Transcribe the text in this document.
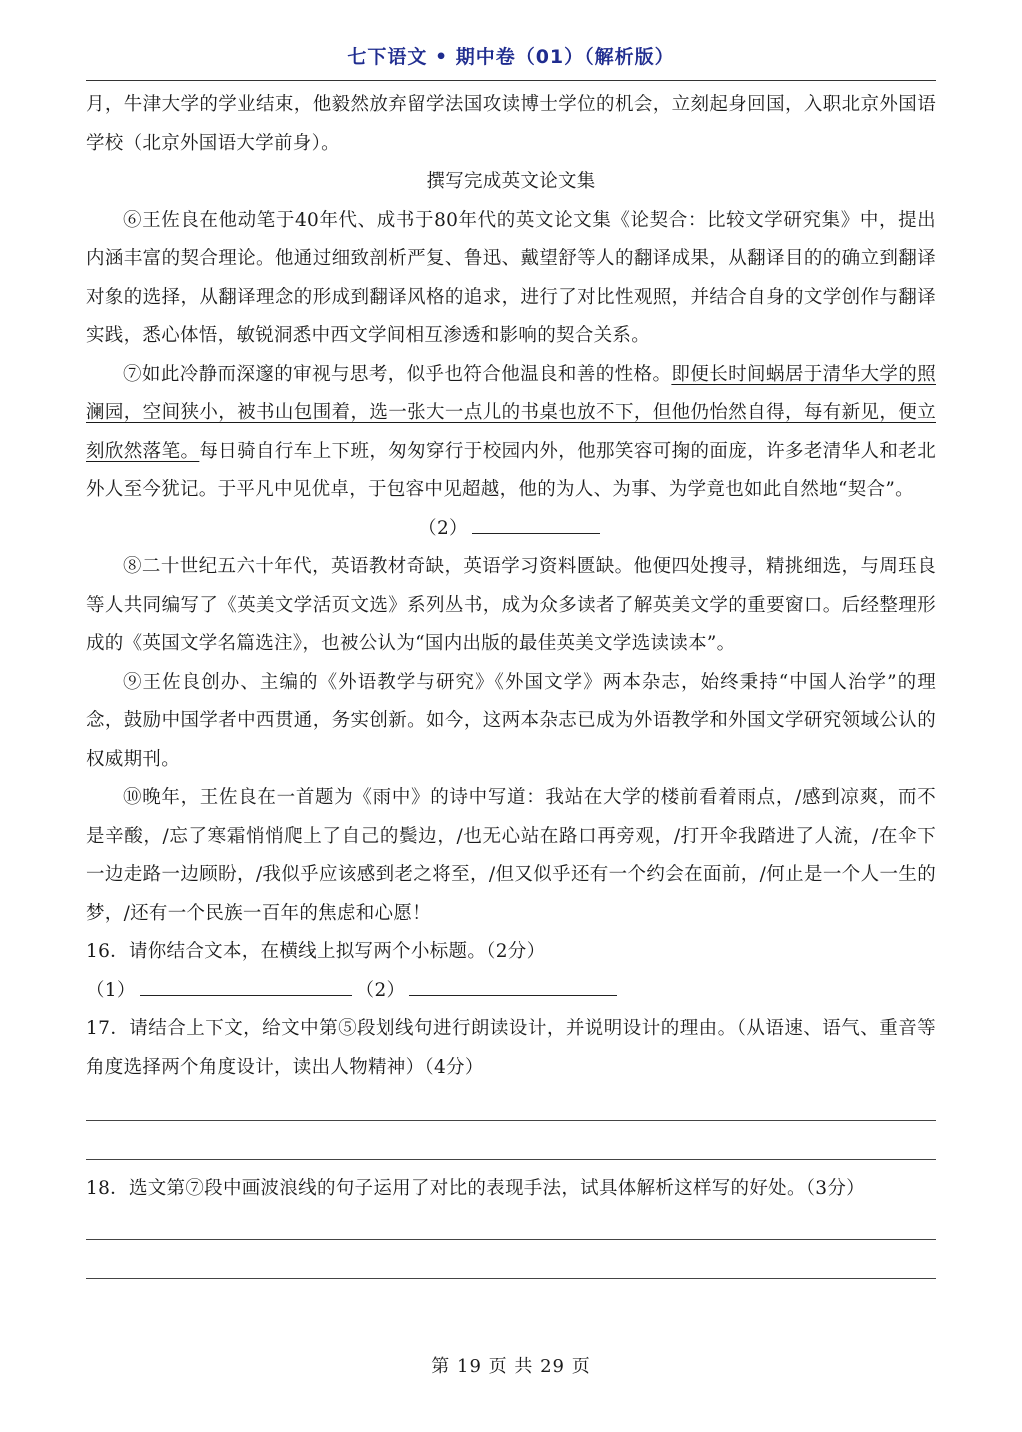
七下语文 • 期中卷（01）（解析版）

月，牛津大学的学业结束，他毅然放弃留学法国攻读博士学位的机会，立刻起身回国，入职北京外国语学校（北京外国语大学前身）。

撰写完成英文论文集

⑥王佐良在他动笔于40年代、成书于80年代的英文论文集《论契合：比较文学研究集》中，提出内涵丰富的契合理论。他通过细致剖析严复、鲁迅、戴望舒等人的翻译成果，从翻译目的的确立到翻译对象的选择，从翻译理念的形成到翻译风格的追求，进行了对比性观照，并结合自身的文学创作与翻译实践，悉心体悟，敏锐洞悉中西文学间相互渗透和影响的契合关系。

⑦如此冷静而深邃的审视与思考，似乎也符合他温良和善的性格。即便长时间蜗居于清华大学的照澜园，空间狭小，被书山包围着，选一张大一点儿的书桌也放不下，但他仍怡然自得，每有新见，便立刻欣然落笔。每日骑自行车上下班，匆匆穿行于校园内外，他那笑容可掬的面庞，许多老清华人和老北外人至今犹记。于平凡中见优卓，于包容中见超越，他的为人、为事、为学竟也如此自然地“契合”。

（2）

⑧二十世纪五六十年代，英语教材奇缺，英语学习资料匮缺。他便四处搜寻，精挑细选，与周珏良等人共同编写了《英美文学活页文选》系列丛书，成为众多读者了解英美文学的重要窗口。后经整理形成的《英国文学名篇选注》，也被公认为“国内出版的最佳英美文学选读读本”。

⑨王佐良创办、主编的《外语教学与研究》《外国文学》两本杂志，始终秉持“中国人治学”的理念，鼓励中国学者中西贯通，务实创新。如今，这两本杂志已成为外语教学和外国文学研究领域公认的权威期刊。

⑩晚年，王佐良在一首题为《雨中》的诗中写道：我站在大学的楼前看着雨点，/感到凉爽，而不是辛酸，/忘了寒霜悄悄爬上了自己的鬓边，/也无心站在路口再旁观，/打开伞我踏进了人流，/在伞下一边走路一边顾盼，/我似乎应该感到老之将至，/但又似乎还有一个约会在面前，/何止是一个人一生的梦，/还有一个民族一百年的焦虑和心愿！

16．请你结合文本，在横线上拟写两个小标题。（2分）

（1）	（2）

17．请结合上下文，给文中第⑤段划线句进行朗读设计，并说明设计的理由。（从语速、语气、重音等角度选择两个角度设计，读出人物精神）（4分）

18．选文第⑦段中画波浪线的句子运用了对比的表现手法，试具体解析这样写的好处。（3分）

第 19 页 共 29 页
